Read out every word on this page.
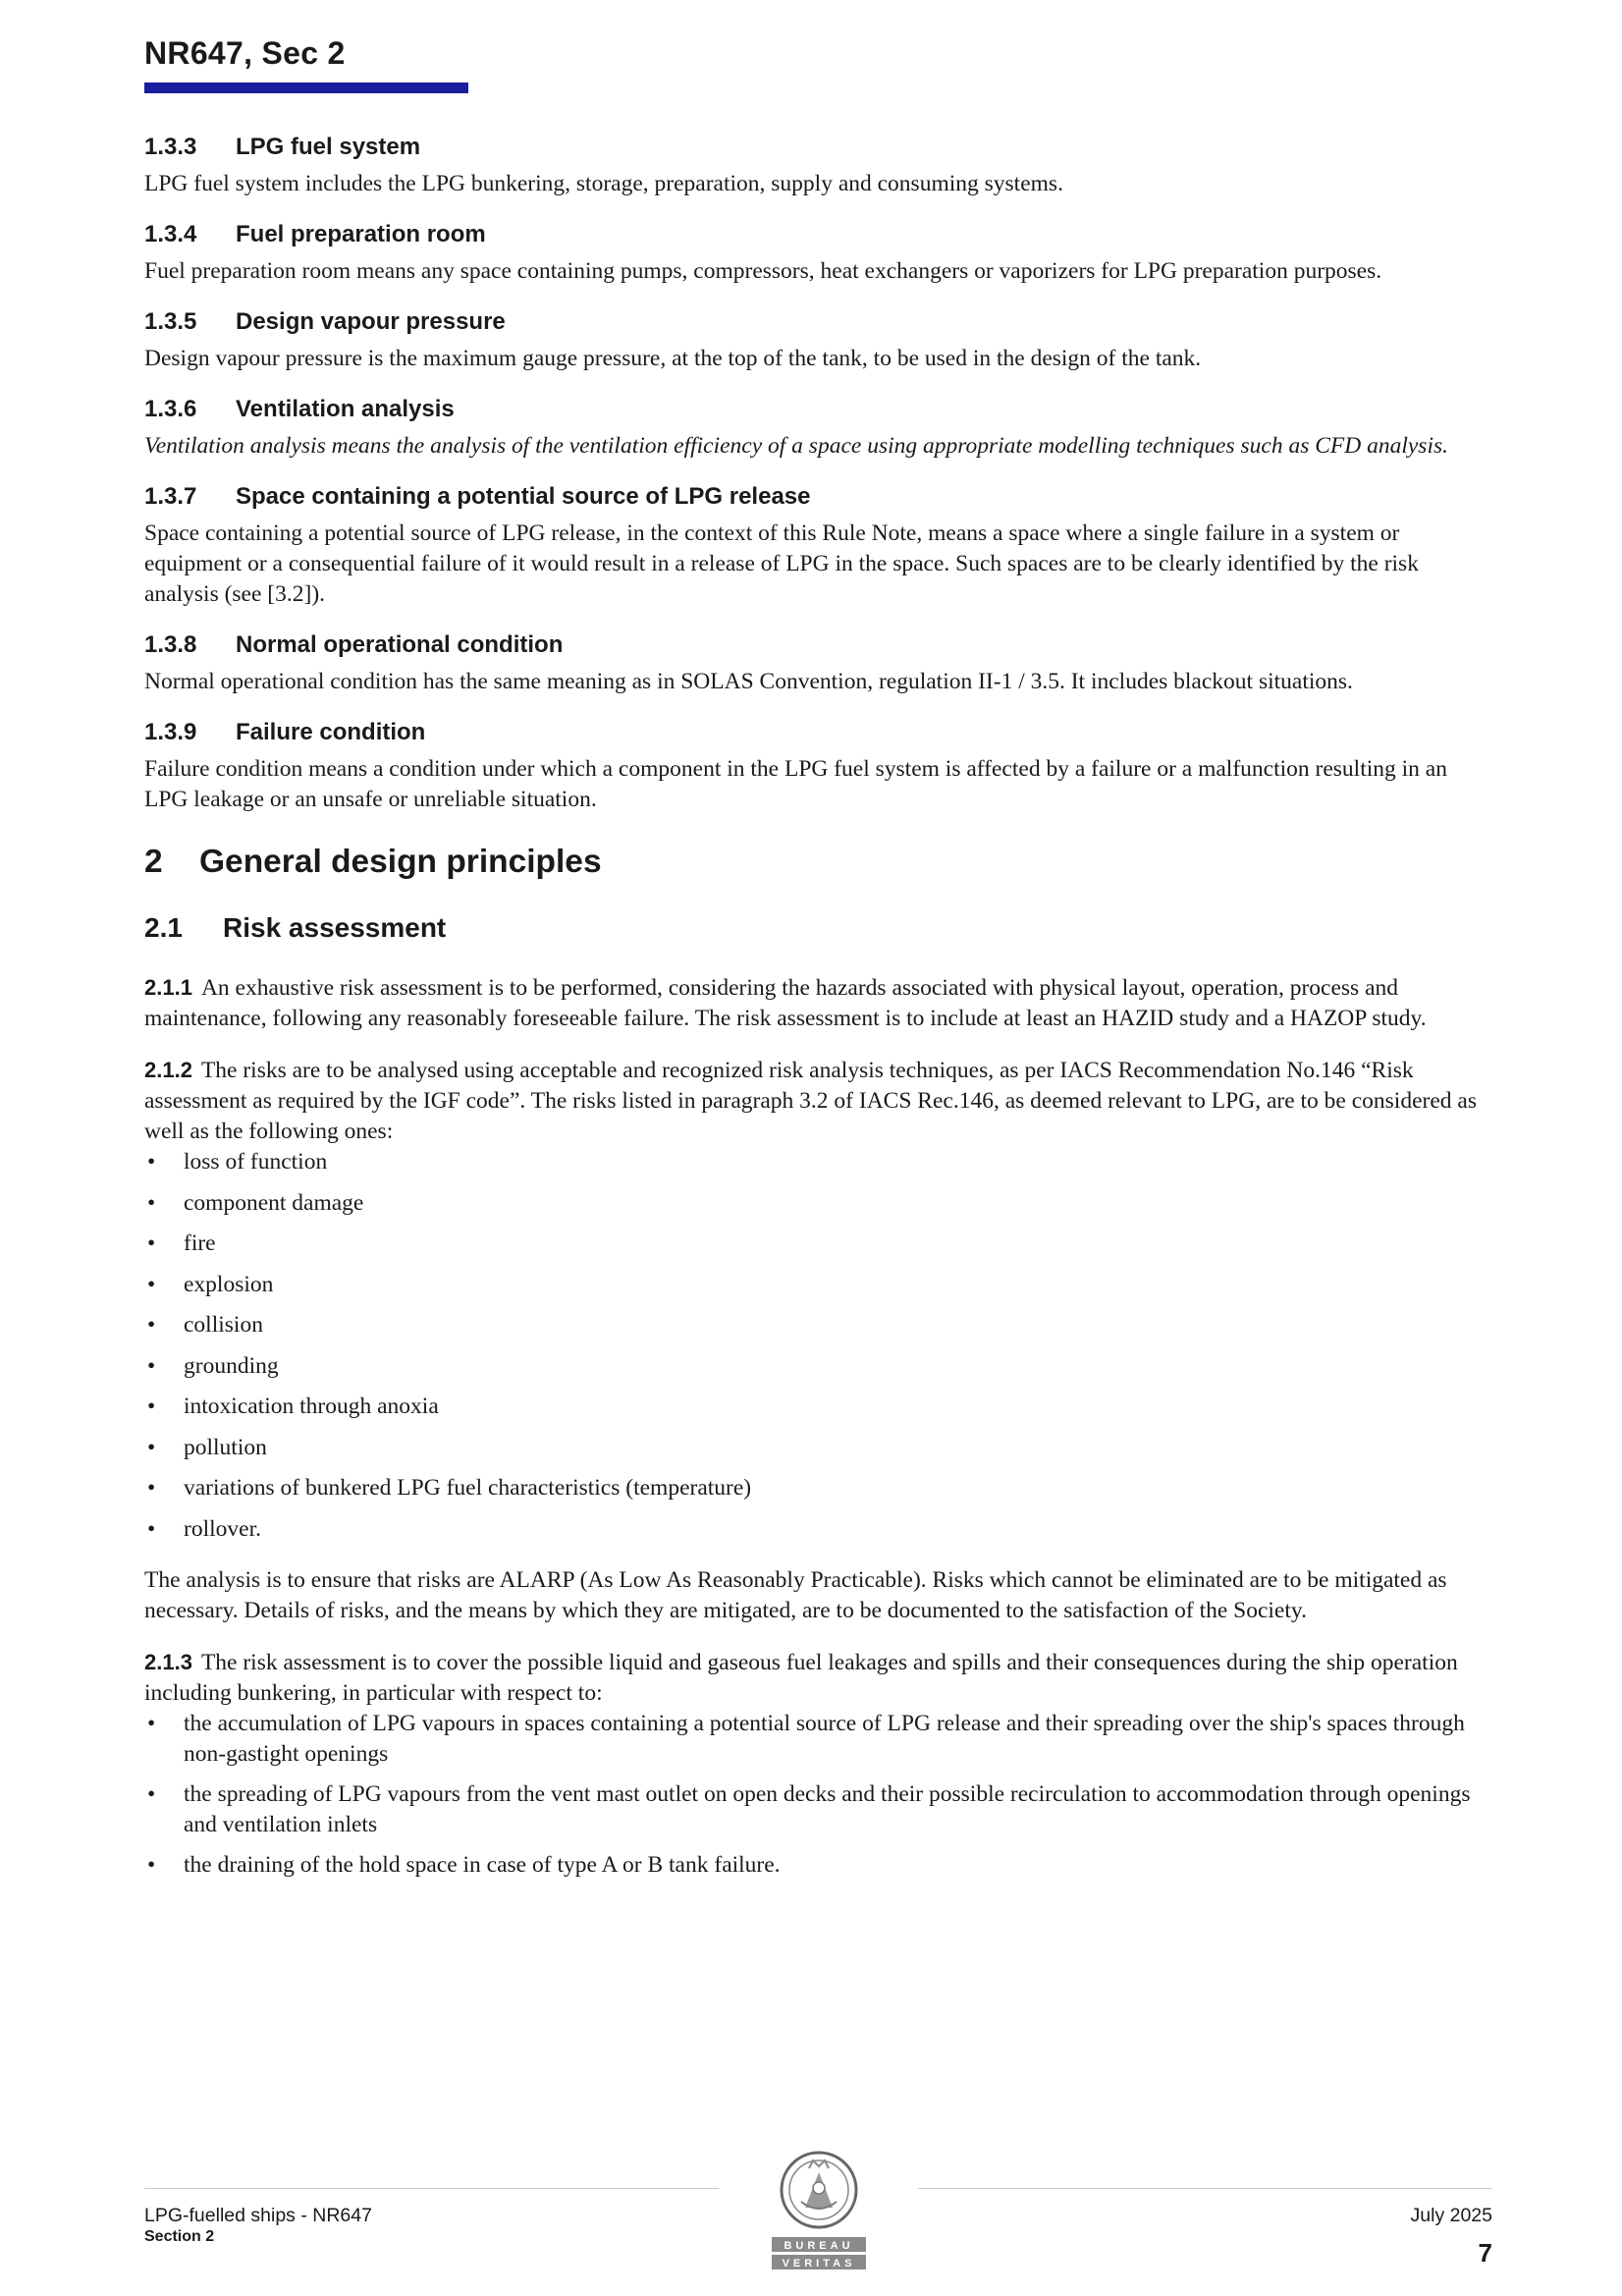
NR647, Sec 2
1.3.3 LPG fuel system
LPG fuel system includes the LPG bunkering, storage, preparation, supply and consuming systems.
1.3.4 Fuel preparation room
Fuel preparation room means any space containing pumps, compressors, heat exchangers or vaporizers for LPG preparation purposes.
1.3.5 Design vapour pressure
Design vapour pressure is the maximum gauge pressure, at the top of the tank, to be used in the design of the tank.
1.3.6 Ventilation analysis
Ventilation analysis means the analysis of the ventilation efficiency of a space using appropriate modelling techniques such as CFD analysis.
1.3.7 Space containing a potential source of LPG release
Space containing a potential source of LPG release, in the context of this Rule Note, means a space where a single failure in a system or equipment or a consequential failure of it would result in a release of LPG in the space. Such spaces are to be clearly identified by the risk analysis (see [3.2]).
1.3.8 Normal operational condition
Normal operational condition has the same meaning as in SOLAS Convention, regulation II-1 / 3.5. It includes blackout situations.
1.3.9 Failure condition
Failure condition means a condition under which a component in the LPG fuel system is affected by a failure or a malfunction resulting in an LPG leakage or an unsafe or unreliable situation.
2 General design principles
2.1 Risk assessment
2.1.1 An exhaustive risk assessment is to be performed, considering the hazards associated with physical layout, operation, process and maintenance, following any reasonably foreseeable failure. The risk assessment is to include at least an HAZID study and a HAZOP study.
2.1.2 The risks are to be analysed using acceptable and recognized risk analysis techniques, as per IACS Recommendation No.146 “Risk assessment as required by the IGF code”. The risks listed in paragraph 3.2 of IACS Rec.146, as deemed relevant to LPG, are to be considered as well as the following ones:
• loss of function
• component damage
• fire
• explosion
• collision
• grounding
• intoxication through anoxia
• pollution
• variations of bunkered LPG fuel characteristics (temperature)
• rollover.
The analysis is to ensure that risks are ALARP (As Low As Reasonably Practicable). Risks which cannot be eliminated are to be mitigated as necessary. Details of risks, and the means by which they are mitigated, are to be documented to the satisfaction of the Society.
2.1.3 The risk assessment is to cover the possible liquid and gaseous fuel leakages and spills and their consequences during the ship operation including bunkering, in particular with respect to:
• the accumulation of LPG vapours in spaces containing a potential source of LPG release and their spreading over the ship's spaces through non-gastight openings
• the spreading of LPG vapours from the vent mast outlet on open decks and their possible recirculation to accommodation through openings and ventilation inlets
• the draining of the hold space in case of type A or B tank failure.
LPG-fuelled ships - NR647
Section 2
BUREAU
VERITAS
July 2025
7
